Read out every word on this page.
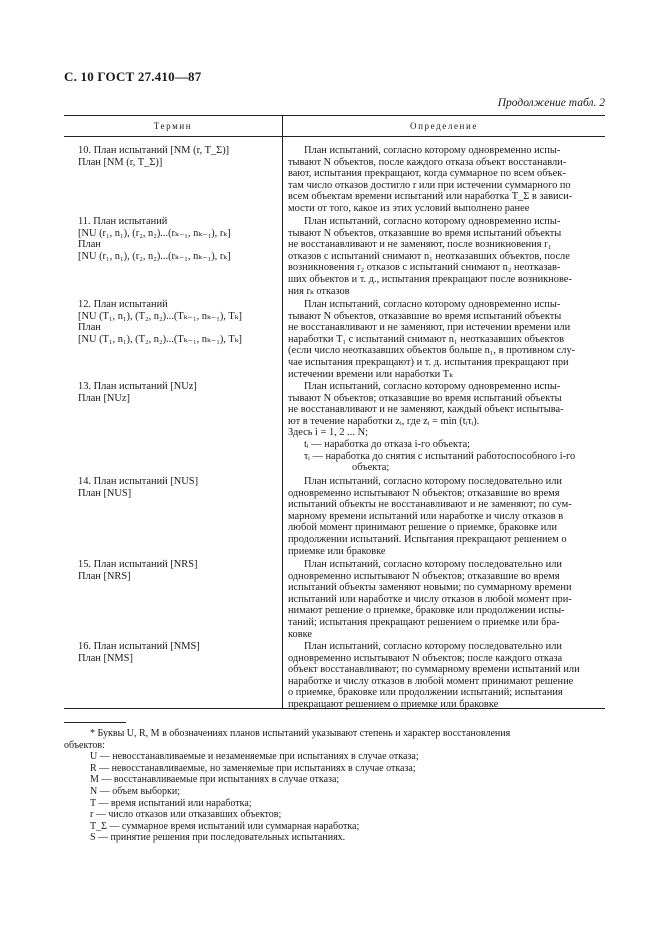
С. 10 ГОСТ 27.410—87
Продолжение табл. 2
Термин	Определение
10. План испытаний [NM (r, T_Σ)]
План [NM (r, T_Σ)]
План испытаний, согласно которому одновременно испы-
тывают N объектов, после каждого отказа объект восстанавли-
вают, испытания прекращают, когда суммарное по всем объек-
там число отказов достигло r или при истечении суммарного по
всем объектам времени испытаний или наработка T_Σ в зависи-
мости от того, какое из этих условий выполнено ранее
11. План испытаний
[NU (r₁, n₁), (r₂, n₂)...(rₖ₋₁, nₖ₋₁), rₖ]
План
[NU (r₁, n₁), (r₂, n₂)...(rₖ₋₁, nₖ₋₁), rₖ]
План испытаний, согласно которому одновременно испы-
тывают N объектов, отказавшие во время испытаний объекты
не восстанавливают и не заменяют, после возникновения r₁
отказов с испытаний снимают n₁ неотказавших объектов, после
возникновения r₂ отказов с испытаний снимают n₂ неотказав-
ших объектов и т. д., испытания прекращают после возникнове-
ния rₖ отказов
12. План испытаний
[NU (T₁, n₁), (T₂, n₂)...(Tₖ₋₁, nₖ₋₁), Tₖ]
План
[NU (T₁, n₁), (T₂, n₂)...(Tₖ₋₁, nₖ₋₁), Tₖ]
План испытаний, согласно которому одновременно испы-
тывают N объектов, отказавшие во время испытаний объекты
не восстанавливают и не заменяют, при истечении времени или
наработки T₁ с испытаний снимают n₁ неотказавших объектов
(если число неотказавших объектов больше n₁, в противном слу-
чае испытания прекращают) и т. д. испытания прекращают при
истечении времени или наработки Tₖ
13. План испытаний [NUz]
План [NUz]
План испытаний, согласно которому одновременно испы-
тывают N объектов; отказавшие во время испытаний объекты
не восстанавливают и не заменяют, каждый объект испытыва-
ют в течение наработки zᵢ, где zᵢ = min (tᵢτᵢ).
Здесь i = 1, 2 ... N;
tᵢ — наработка до отказа i-го объекта;
τᵢ — наработка до снятия с испытаний работоспособного i-го
объекта;
14. План испытаний [NUS]
План [NUS]
План испытаний, согласно которому последовательно или
одновременно испытывают N объектов; отказавшие во время
испытаний объекты не восстанавливают и не заменяют; по сум-
марному времени испытаний или наработке и числу отказов в
любой момент принимают решение о приемке, браковке или
продолжении испытаний. Испытания прекращают решением о
приемке или браковке
15. План испытаний [NRS]
План [NRS]
План испытаний, согласно которому последовательно или
одновременно испытывают N объектов; отказавшие во время
испытаний объекты заменяют новыми; по суммарному времени
испытаний или наработке и числу отказов в любой момент при-
нимают решение о приемке, браковке или продолжении испы-
таний; испытания прекращают решением о приемке или бра-
ковке
16. План испытаний [NMS]
План [NMS]
План испытаний, согласно которому последовательно или
одновременно испытывают N объектов; после каждого отказа
объект восстанавливают; по суммарному времени испытаний или
наработке и числу отказов в любой момент принимают решение
о приемке, браковке или продолжении испытаний; испытания
прекращают решением о приемке или браковке
* Буквы U, R, M в обозначениях планов испытаний указывают степень и характер восстановления
объектов:
U — невосстанавливаемые и незаменяемые при испытаниях в случае отказа;
R — невосстанавливаемые, но заменяемые при испытаниях в случае отказа;
M — восстанавливаемые при испытаниях в случае отказа;
N — объем выборки;
T — время испытаний или наработка;
r — число отказов или отказавших объектов;
T_Σ — суммарное время испытаний или суммарная наработка;
S — принятие решения при последовательных испытаниях.
